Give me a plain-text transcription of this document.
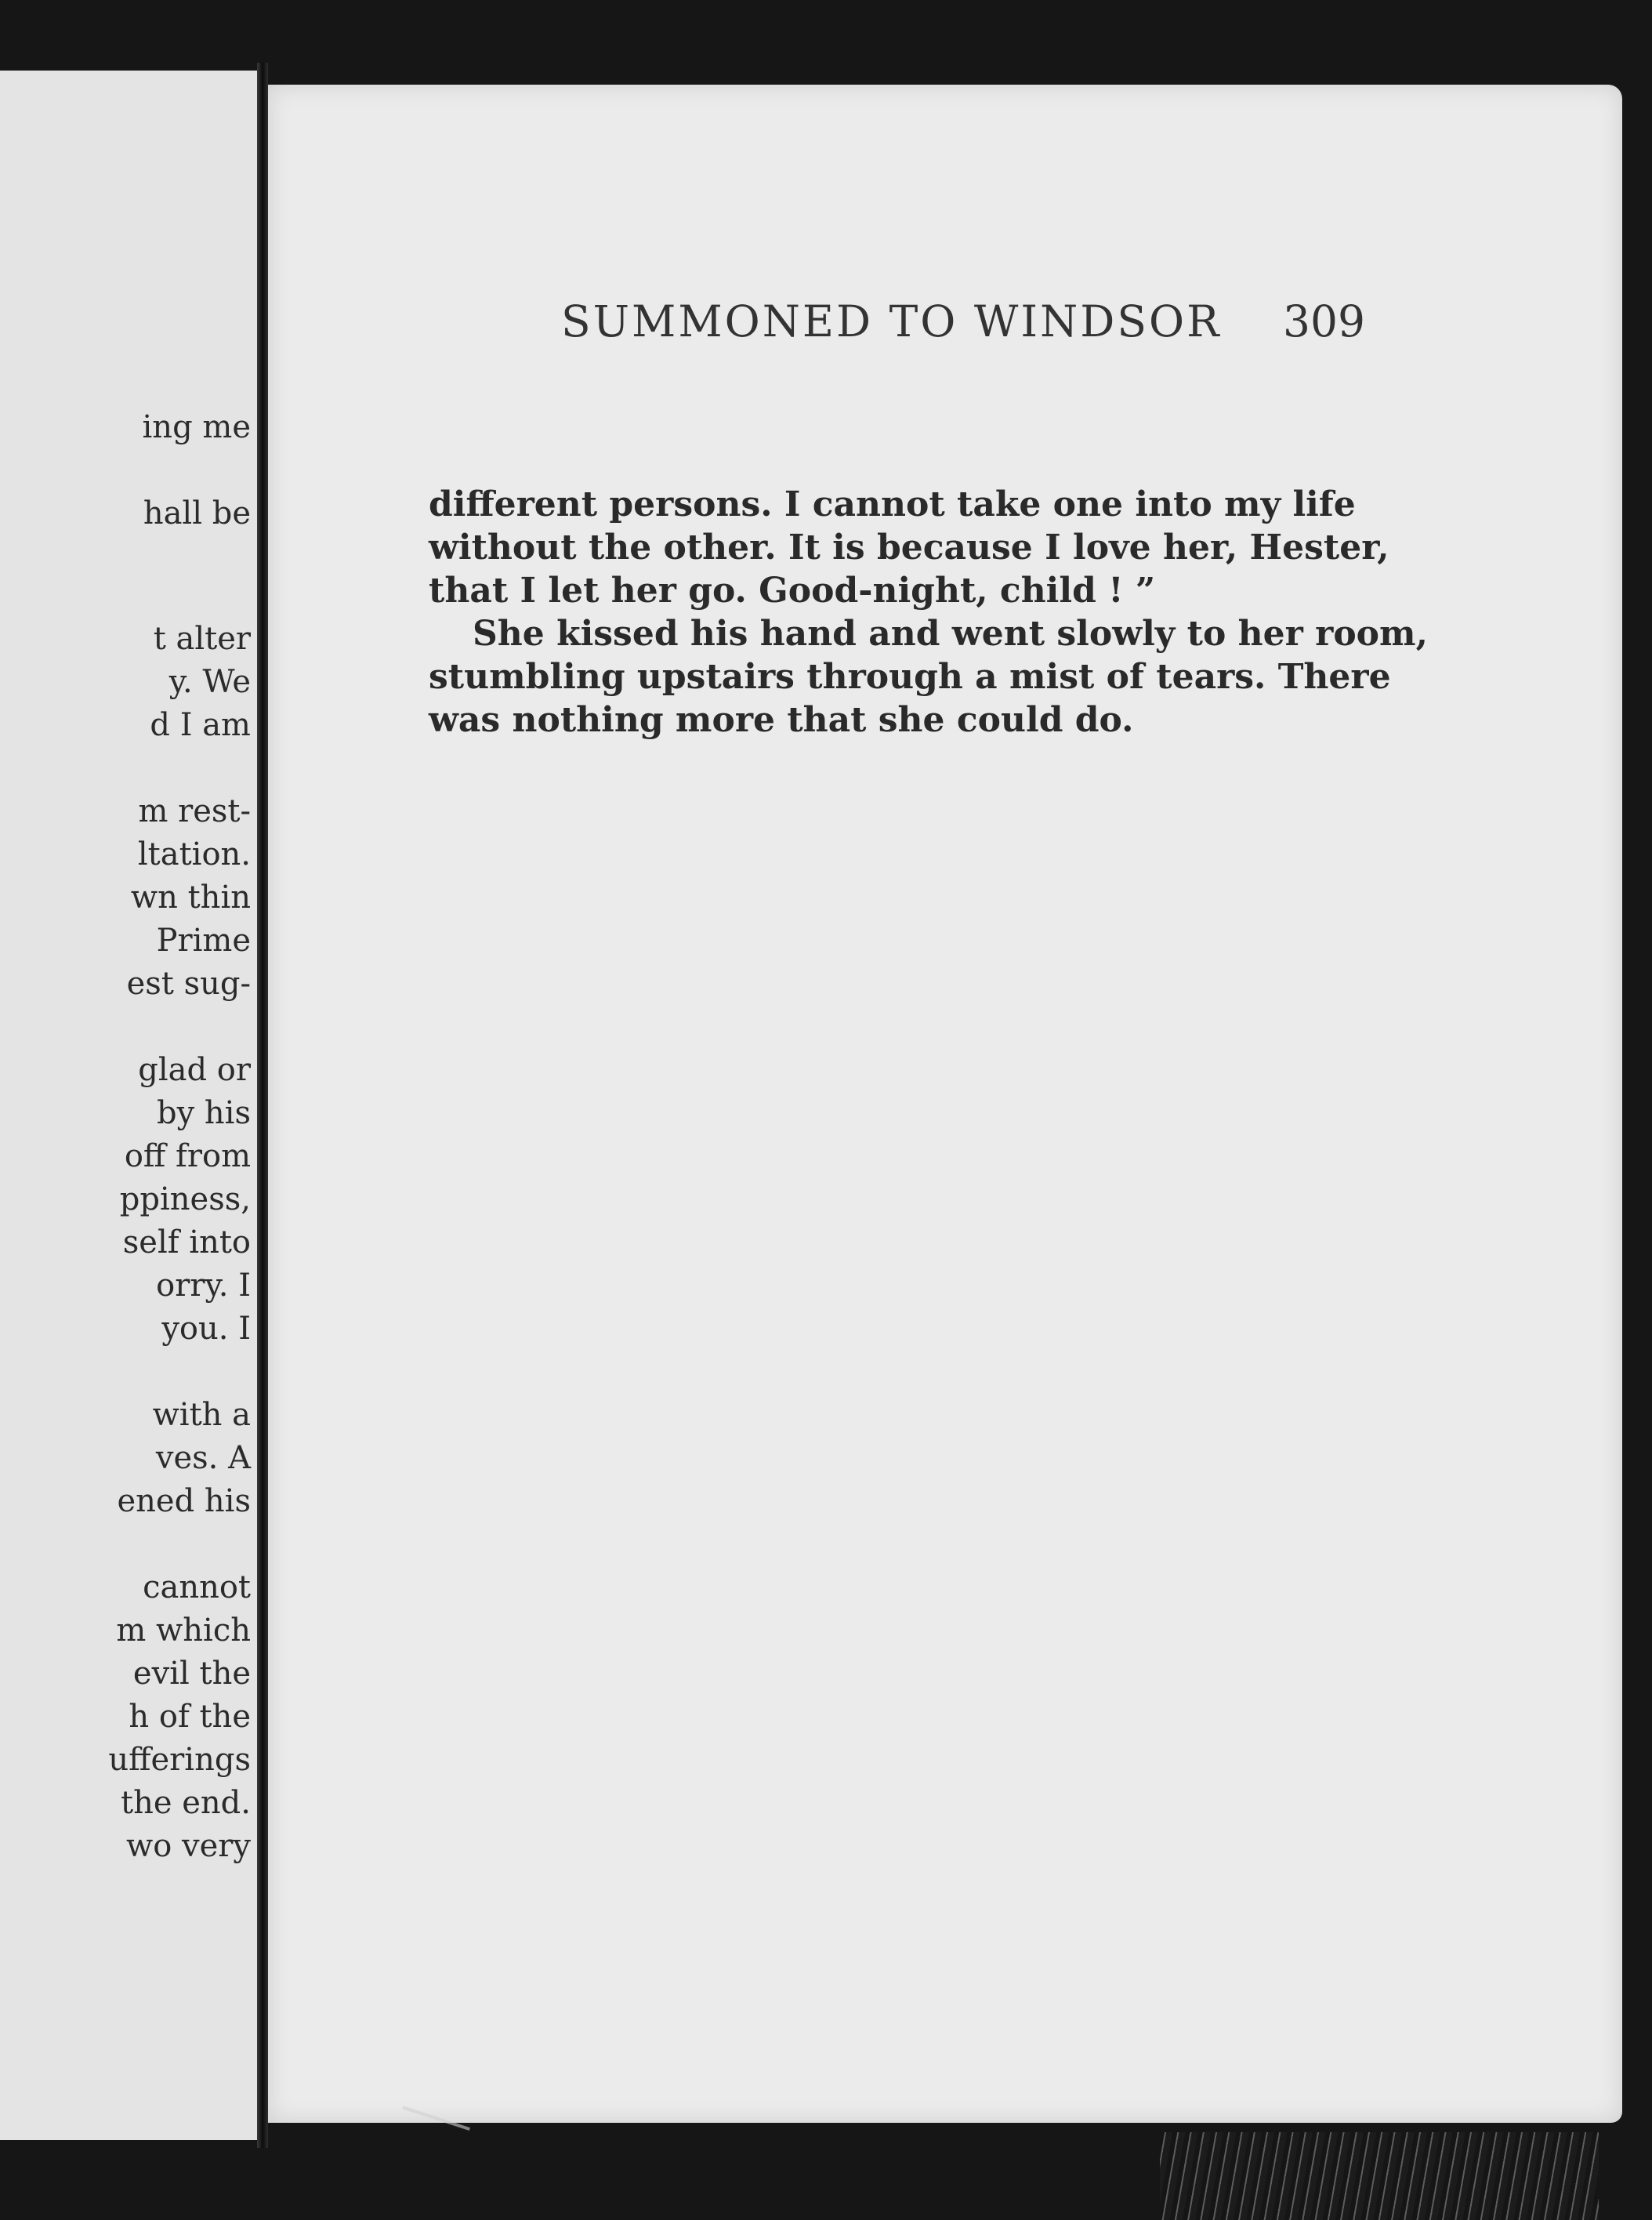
ing me
hall be
t alter
y. We
d I am
m rest-
ltation.
wn thin
Prime
est sug-
glad or
by his
off from
ppiness,
self into
orry. I
you. I
with a
ves. A
ened his
cannot
m which
evil the
h of the
ufferings
the end.
wo very
SUMMONED TO WINDSOR 309
different persons. I cannot take one into my life
without the other. It is because I love her, Hester,
that I let her go. Good-night, child ! ”
She kissed his hand and went slowly to her room,
stumbling upstairs through a mist of tears. There
was nothing more that she could do.
